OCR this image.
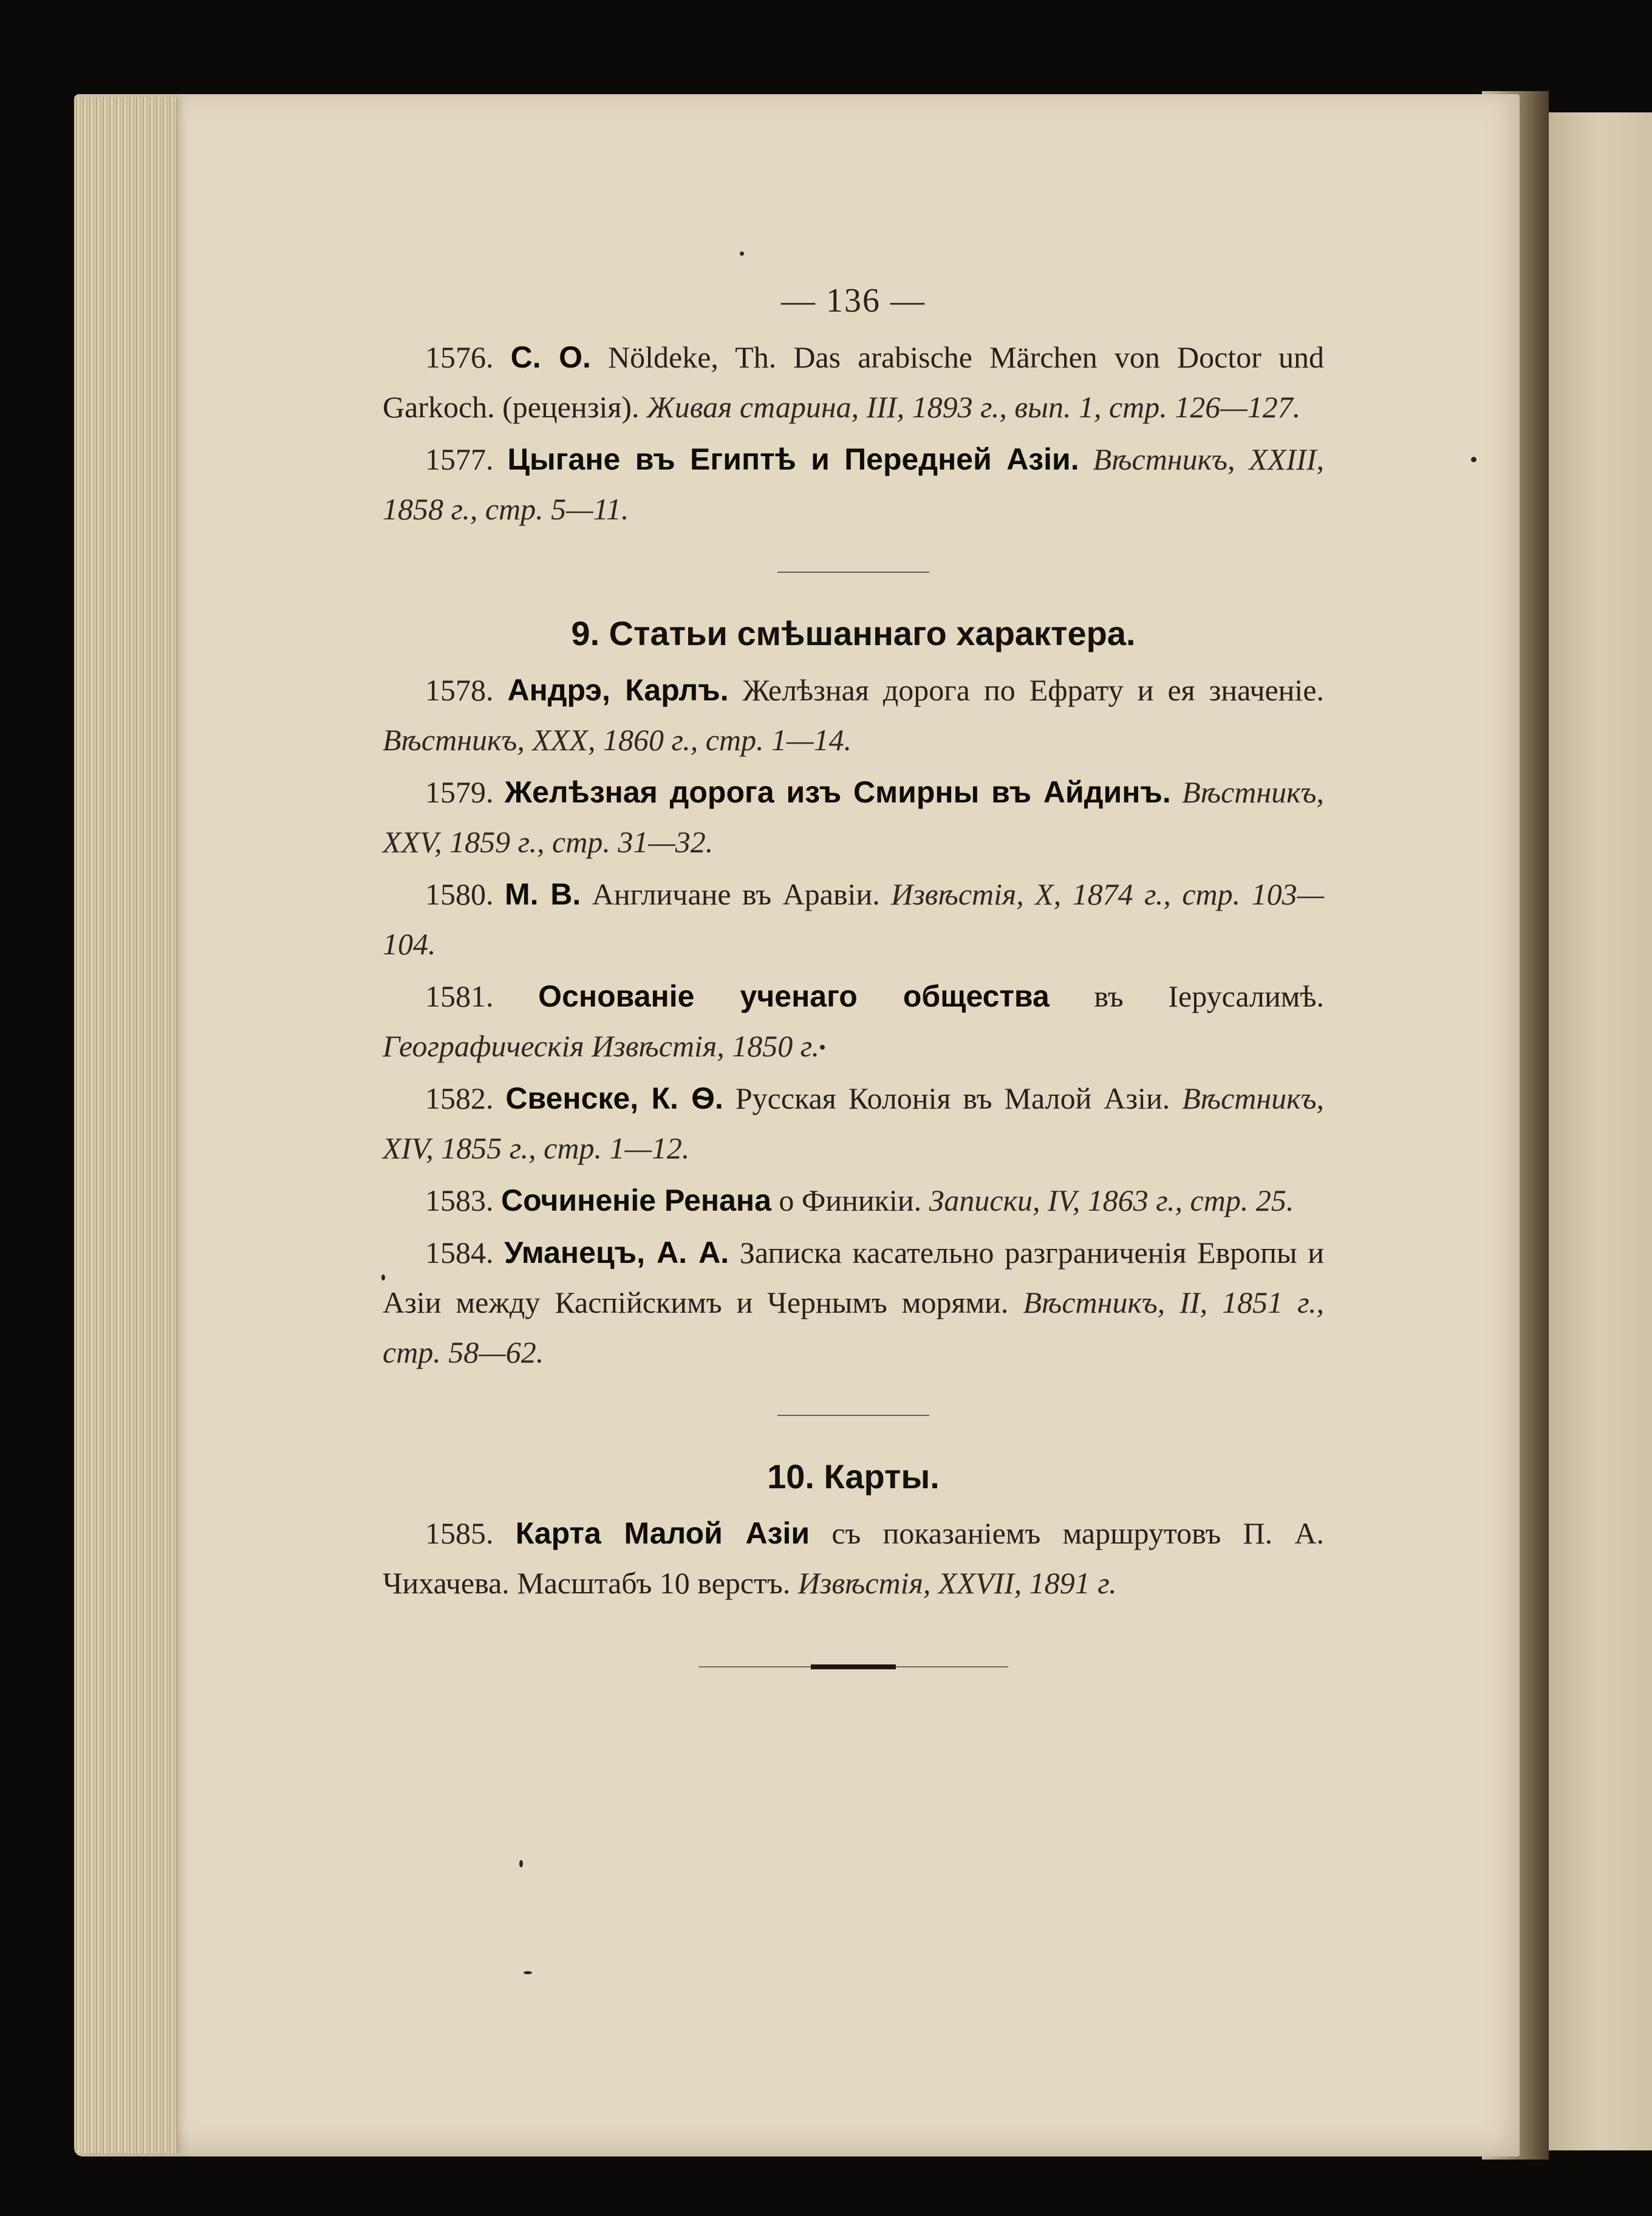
— 136 —

1576. С. О. Nöldeke, Th. Das arabische Märchen von Doctor und Garkoch. (рецензія). Живая старина, III, 1893 г., вып. 1, стр. 126—127.

1577. Цыгане въ Египтѣ и Передней Азіи. Вѣстникъ, XXIII, 1858 г., стр. 5—11.

9. Статьи смѣшаннаго характера.

1578. Андрэ, Карлъ. Желѣзная дорога по Ефрату и ея значеніе. Вѣстникъ, XXX, 1860 г., стр. 1—14.

1579. Желѣзная дорога изъ Смирны въ Айдинъ. Вѣстникъ, XXV, 1859 г., стр. 31—32.

1580. М. В. Англичане въ Аравіи. Извѣстія, X, 1874 г., стр. 103—104.

1581. Основаніе ученаго общества въ Іерусалимѣ. Географическія Извѣстія, 1850 г.

1582. Свенске, К. Ѳ. Русская Колонія въ Малой Азіи. Вѣстникъ, XIV, 1855 г., стр. 1—12.

1583. Сочиненіе Ренана о Финикіи. Записки, IV, 1863 г., стр. 25.

1584. Уманецъ, А. А. Записка касательно разграниченія Европы и Азіи между Каспійскимъ и Чернымъ морями. Вѣстникъ, II, 1851 г., стр. 58—62.

10. Карты.

1585. Карта Малой Азіи съ показаніемъ маршрутовъ П. А. Чихачева. Масштабъ 10 верстъ. Извѣстія, XXVII, 1891 г.
